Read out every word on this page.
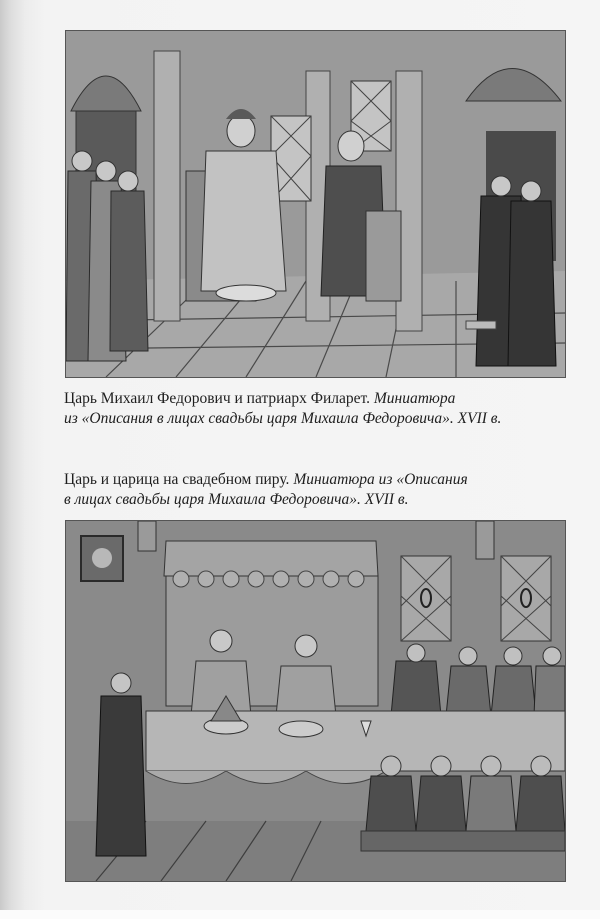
Царь Михаил Федорович и патриарх Филарет. Миниатюра
из «Описания в лицах свадьбы царя Михаила Федоровича». XVII в.
Царь и царица на свадебном пиру. Миниатюра из «Описания
в лицах свадьбы царя Михаила Федоровича». XVII в.
